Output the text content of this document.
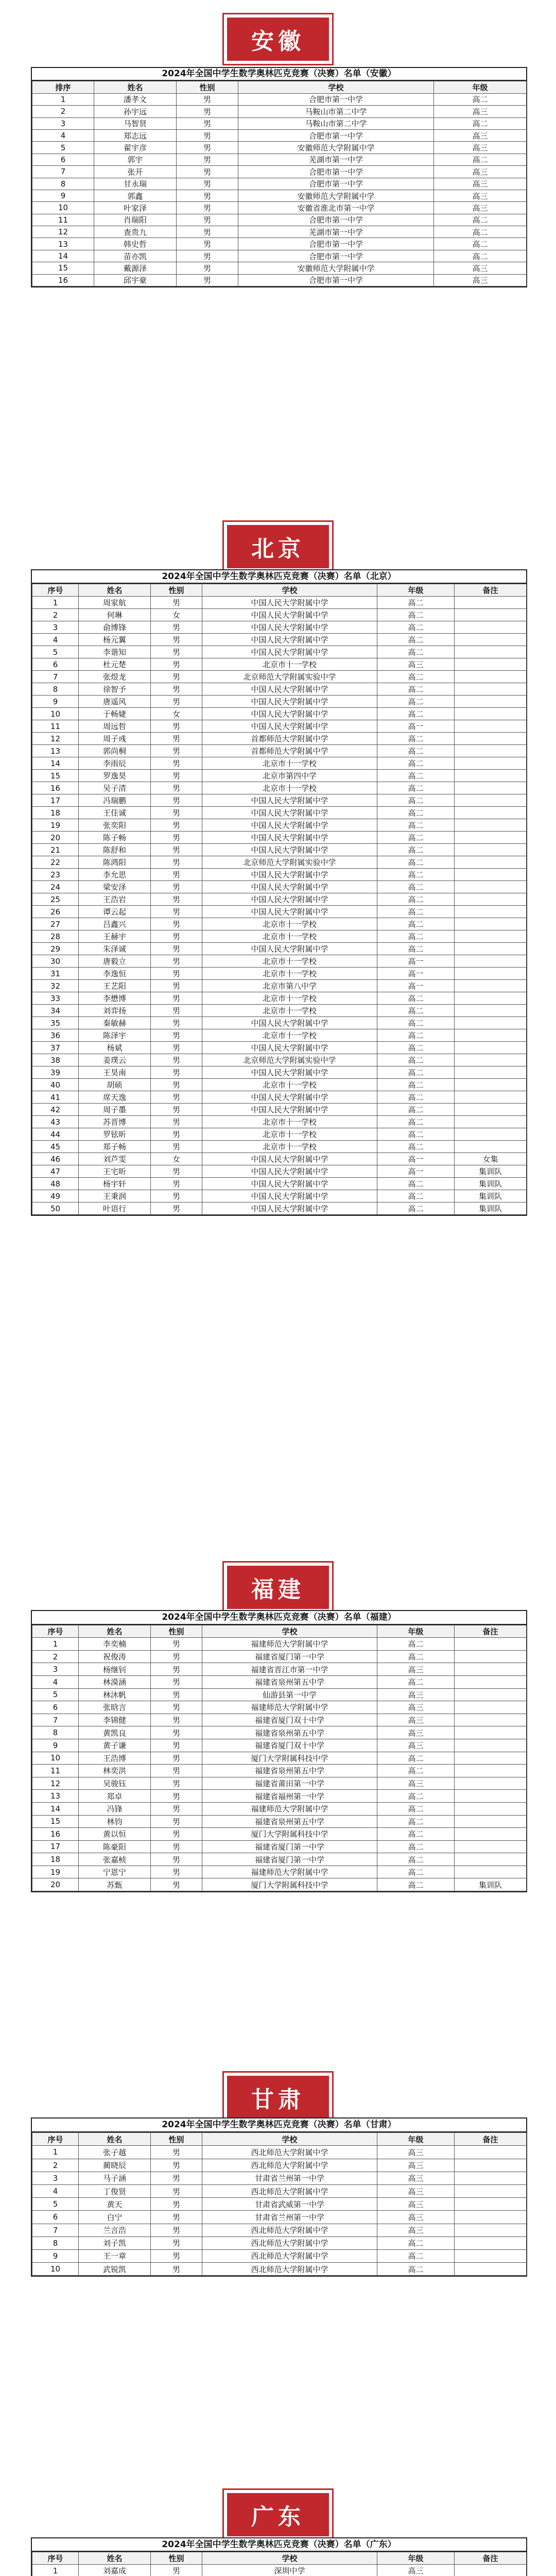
安徽
2024年全国中学生数学奥林匹克竞赛（决赛）名单（安徽）
排序	姓名	性别	学校	年级
1	潘孝文	男	合肥市第一中学	高二
2	孙宇远	男	马鞍山市第二中学	高三
3	马智贤	男	马鞍山市第二中学	高二
4	郑志远	男	合肥市第一中学	高三
5	翟宇彦	男	安徽师范大学附属中学	高三
6	郭宇	男	芜湖市第一中学	高二
7	张开	男	合肥市第一中学	高三
8	甘永瑞	男	合肥市第一中学	高三
9	郭鑫	男	安徽师范大学附属中学	高三
10	叶家泽	男	安徽省淮北市第一中学	高三
11	肖瑞阳	男	合肥市第一中学	高二
12	查贵九	男	芜湖市第一中学	高二
13	韩史哲	男	合肥市第一中学	高二
14	苗亦凯	男	合肥市第一中学	高二
15	戴源泽	男	安徽师范大学附属中学	高三
16	邱宇豪	男	合肥市第一中学	高三
北京
2024年全国中学生数学奥林匹克竞赛（决赛）名单（北京）
序号	姓名	性别	学校	年级	备注
1	周家航	男	中国人民大学附属中学	高二	
2	何琳	女	中国人民大学附属中学	高二	
3	俞博锋	男	中国人民大学附属中学	高二	
4	杨元翼	男	中国人民大学附属中学	高二	
5	李谐知	男	中国人民大学附属中学	高二	
6	杜元楚	男	北京市十一学校	高三	
7	张煜龙	男	北京师范大学附属实验中学	高二	
8	徐智予	男	中国人民大学附属中学	高二	
9	唐遥风	男	中国人民大学附属中学	高二	
10	于畅婕	女	中国人民大学附属中学	高二	
11	周远哲	男	中国人民大学附属中学	高一	
12	周子彧	男	首都师范大学附属中学	高二	
13	郭尚桐	男	首都师范大学附属中学	高二	
14	李雨辰	男	北京市十一学校	高二	
15	罗逸昊	男	北京市第四中学	高二	
16	吴子清	男	北京市十一学校	高二	
17	冯瑞鹏	男	中国人民大学附属中学	高二	
18	王佳诚	男	中国人民大学附属中学	高二	
19	张奕阳	男	中国人民大学附属中学	高二	
20	陈子畅	男	中国人民大学附属中学	高二	
21	陈舒和	男	中国人民大学附属中学	高二	
22	陈鸿阳	男	北京师范大学附属实验中学	高二	
23	李允思	男	中国人民大学附属中学	高二	
24	梁安泽	男	中国人民大学附属中学	高二	
25	王浩岩	男	中国人民大学附属中学	高二	
26	谭云起	男	中国人民大学附属中学	高二	
27	吕鑫兴	男	北京市十一学校	高二	
28	王赫宇	男	北京市十一学校	高二	
29	朱泽诚	男	中国人民大学附属中学	高二	
30	唐毅立	男	北京市十一学校	高一	
31	李逸恒	男	北京市十一学校	高一	
32	王艺阳	男	北京市第八中学	高一	
33	李懋博	男	北京市十一学校	高二	
34	刘弈扬	男	北京市十一学校	高二	
35	秦敏赫	男	中国人民大学附属中学	高二	
36	陈泽宇	男	北京市十一学校	高二	
37	杨斌	男	中国人民大学附属中学	高二	
38	姜璞云	男	北京师范大学附属实验中学	高二	
39	王昊南	男	中国人民大学附属中学	高二	
40	胡硕	男	北京市十一学校	高二	
41	席天逸	男	中国人民大学附属中学	高二	
42	周子墨	男	中国人民大学附属中学	高二	
43	苏晋博	男	北京市十一学校	高二	
44	罗铉昕	男	北京市十一学校	高二	
45	郑子畅	男	北京市十一学校	高二	
46	刘芦雯	女	中国人民大学附属中学	高一	女集
47	王宅昕	男	中国人民大学附属中学	高一	集训队
48	杨宇轩	男	中国人民大学附属中学	高二	集训队
49	王秉润	男	中国人民大学附属中学	高二	集训队
50	叶语行	男	中国人民大学附属中学	高二	集训队
福建
2024年全国中学生数学奥林匹克竞赛（决赛）名单（福建）
序号	姓名	性别	学校	年级	备注
1	李奕楠	男	福建师范大学附属中学	高二	
2	祝俊涛	男	福建省厦门第一中学	高二	
3	杨继钊	男	福建省晋江市第一中学	高三	
4	林漠涵	男	福建省泉州第五中学	高二	
5	林沐帆	男	仙游县第一中学	高三	
6	张晗言	男	福建师范大学附属中学	高三	
7	李锦健	男	福建省厦门双十中学	高三	
8	黄凯良	男	福建省泉州第五中学	高三	
9	黄子谦	男	福建省厦门双十中学	高三	
10	王浩博	男	厦门大学附属科技中学	高二	
11	林奕洪	男	福建省泉州第五中学	高二	
12	吴骏钰	男	福建省莆田第一中学	高三	
13	郑卓	男	福建省福州第一中学	高二	
14	冯锋	男	福建师范大学附属中学	高二	
15	林钧	男	福建省泉州第五中学	高二	
16	黄以恒	男	厦门大学附属科技中学	高二	
17	陈豪阳	男	福建省厦门第一中学	高二	
18	张嘉桢	男	福建省厦门第一中学	高二	
19	宁恩宁	男	福建师范大学附属中学	高二	
20	苏甄	男	厦门大学附属科技中学	高二	集训队
甘肃
2024年全国中学生数学奥林匹克竞赛（决赛）名单（甘肃）
序号	姓名	性别	学校	年级	备注
1	张子越	男	西北师范大学附属中学	高三	
2	蔺晓辰	男	西北师范大学附属中学	高三	
3	马子涵	男	甘肃省兰州第一中学	高三	
4	丁俊贤	男	西北师范大学附属中学	高三	
5	黄天	男	甘肃省武威第一中学	高三	
6	白宁	男	甘肃省兰州第一中学	高三	
7	兰言浩	男	西北师范大学附属中学	高三	
8	刘子凯	男	西北师范大学附属中学	高二	
9	王一章	男	西北师范大学附属中学	高二	
10	武锐凯	男	西北师范大学附属中学	高二	
广东
2024年全国中学生数学奥林匹克竞赛（决赛）名单（广东）
序号	姓名	性别	学校	年级	备注
1	刘嘉成	男	深圳中学	高三	
